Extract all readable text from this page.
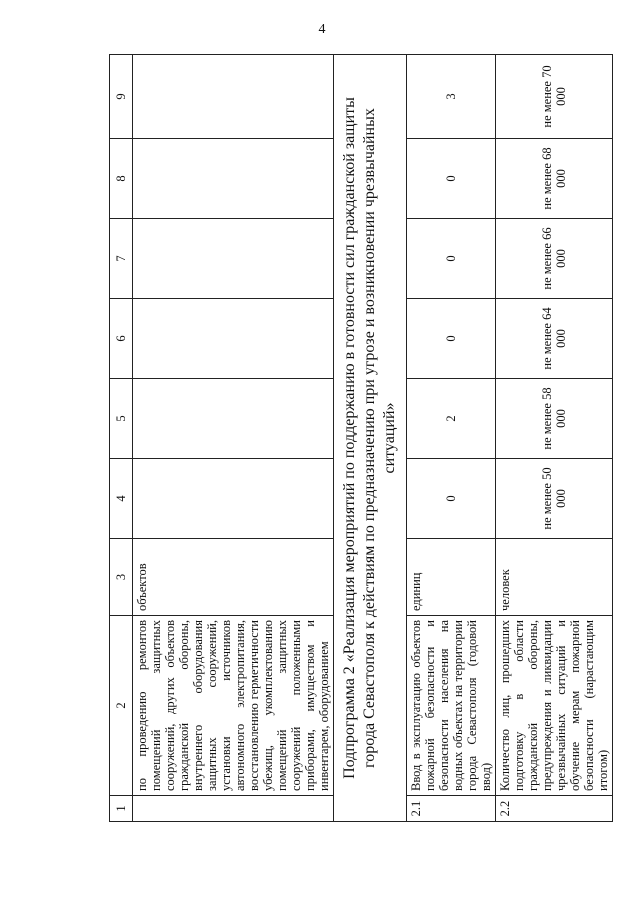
4
1	2	3	4	5	6	7	8	9
	по проведению ремонтов помещений защитных сооружений, других объектов гражданской обороны, внутреннего оборудования защитных сооружений, установки источников автономного электропитания, восстановлению герметичности убежищ, укомплектованию помещений защитных сооружений положенными приборами, имуществом и инвентарем, оборудованием	объектов						
Подпрограмма 2 «Реализация мероприятий по поддержанию в готовности сил гражданской защиты города Севастополя к действиям по предназначению при угрозе и возникновении чрезвычайных ситуаций»								
2.1	Ввод в эксплуатацию объектов пожарной безопасности и безопасности населения на водных объектах на территории города Севастополя (годовой ввод)	единиц	0	2	0	0	0	3
2.2	Количество лиц, прошедших подготовку в области гражданской обороны, предупреждения и ликвидации чрезвычайных ситуаций и обучение мерам пожарной безопасности (нарастающим итогом)	человек	не менее 50 000	не менее 58 000	не менее 64 000	не менее 66 000	не менее 68 000	не менее 70 000
